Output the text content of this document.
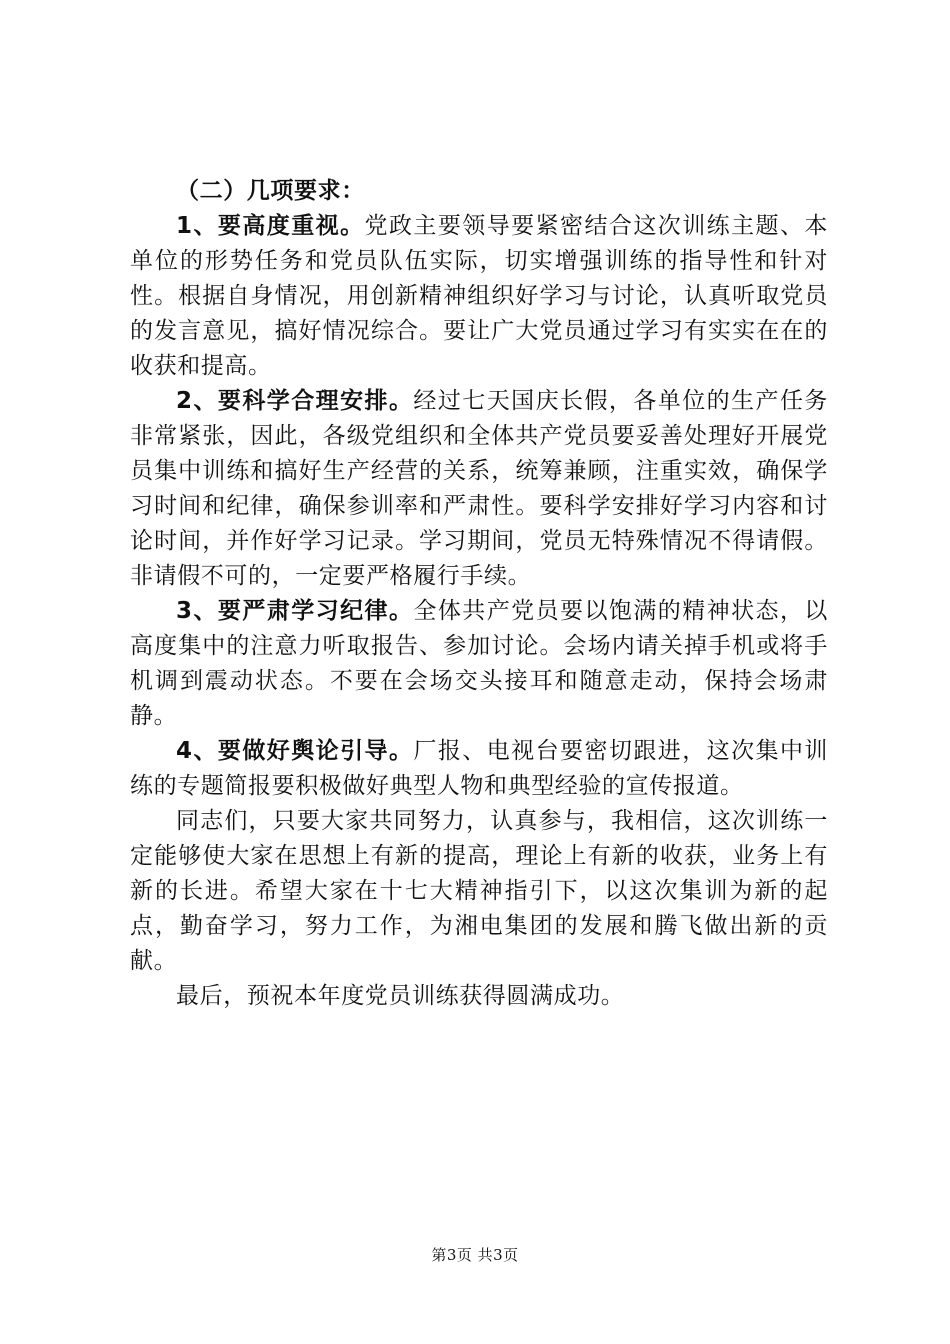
（二）几项要求：

1、要高度重视。党政主要领导要紧密结合这次训练主题、本单位的形势任务和党员队伍实际，切实增强训练的指导性和针对性。根据自身情况，用创新精神组织好学习与讨论，认真听取党员的发言意见，搞好情况综合。要让广大党员通过学习有实实在在的收获和提高。

2、要科学合理安排。经过七天国庆长假，各单位的生产任务非常紧张，因此，各级党组织和全体共产党员要妥善处理好开展党员集中训练和搞好生产经营的关系，统筹兼顾，注重实效，确保学习时间和纪律，确保参训率和严肃性。要科学安排好学习内容和讨论时间，并作好学习记录。学习期间，党员无特殊情况不得请假。非请假不可的，一定要严格履行手续。

3、要严肃学习纪律。全体共产党员要以饱满的精神状态，以高度集中的注意力听取报告、参加讨论。会场内请关掉手机或将手机调到震动状态。不要在会场交头接耳和随意走动，保持会场肃静。

4、要做好舆论引导。厂报、电视台要密切跟进，这次集中训练的专题简报要积极做好典型人物和典型经验的宣传报道。

同志们，只要大家共同努力，认真参与，我相信，这次训练一定能够使大家在思想上有新的提高，理论上有新的收获，业务上有新的长进。希望大家在十七大精神指引下，以这次集训为新的起点，勤奋学习，努力工作，为湘电集团的发展和腾飞做出新的贡献。

最后，预祝本年度党员训练获得圆满成功。

第3页 共3页
